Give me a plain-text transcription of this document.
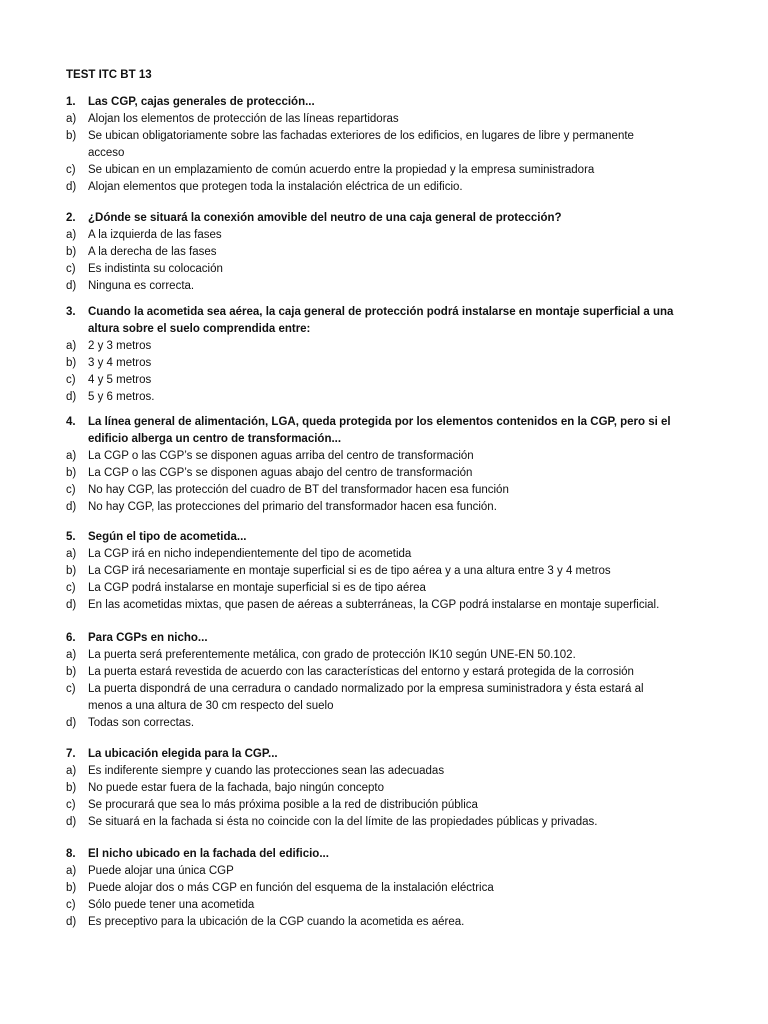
TEST ITC BT 13
1. Las CGP, cajas generales de protección...
a) Alojan los elementos de protección de las líneas repartidoras
b) Se ubican obligatoriamente sobre las fachadas exteriores de los edificios, en lugares de libre y permanente
acceso
c) Se ubican en un emplazamiento de común acuerdo entre la propiedad y la empresa suministradora
d) Alojan elementos que protegen toda la instalación eléctrica de un edificio.
2. ¿Dónde se situará la conexión amovible del neutro de una caja general de protección?
a) A la izquierda de las fases
b) A la derecha de las fases
c) Es indistinta su colocación
d) Ninguna es correcta.
3. Cuando la acometida sea aérea, la caja general de protección podrá instalarse en montaje superficial a una
altura sobre el suelo comprendida entre:
a) 2 y 3 metros
b) 3 y 4 metros
c) 4 y 5 metros
d) 5 y 6 metros.
4. La línea general de alimentación, LGA, queda protegida por los elementos contenidos en la CGP, pero si el
edificio alberga un centro de transformación...
a) La CGP o las CGP’s se disponen aguas arriba del centro de transformación
b) La CGP o las CGP’s se disponen aguas abajo del centro de transformación
c) No hay CGP, las protección del cuadro de BT del transformador hacen esa función
d) No hay CGP, las protecciones del primario del transformador hacen esa función.
5. Según el tipo de acometida...
a) La CGP irá en nicho independientemente del tipo de acometida
b) La CGP irá necesariamente en montaje superficial si es de tipo aérea y a una altura entre 3 y 4 metros
c) La CGP podrá instalarse en montaje superficial si es de tipo aérea
d) En las acometidas mixtas, que pasen de aéreas a subterráneas, la CGP podrá instalarse en montaje superficial.
6. Para CGPs en nicho...
a) La puerta será preferentemente metálica, con grado de protección IK10 según UNE-EN 50.102.
b) La puerta estará revestida de acuerdo con las características del entorno y estará protegida de la corrosión
c) La puerta dispondrá de una cerradura o candado normalizado por la empresa suministradora y ésta estará al
menos a una altura de 30 cm respecto del suelo
d) Todas son correctas.
7. La ubicación elegida para la CGP...
a) Es indiferente siempre y cuando las protecciones sean las adecuadas
b) No puede estar fuera de la fachada, bajo ningún concepto
c) Se procurará que sea lo más próxima posible a la red de distribución pública
d) Se situará en la fachada si ésta no coincide con la del límite de las propiedades públicas y privadas.
8. El nicho ubicado en la fachada del edificio...
a) Puede alojar una única CGP
b) Puede alojar dos o más CGP en función del esquema de la instalación eléctrica
c) Sólo puede tener una acometida
d) Es preceptivo para la ubicación de la CGP cuando la acometida es aérea.
